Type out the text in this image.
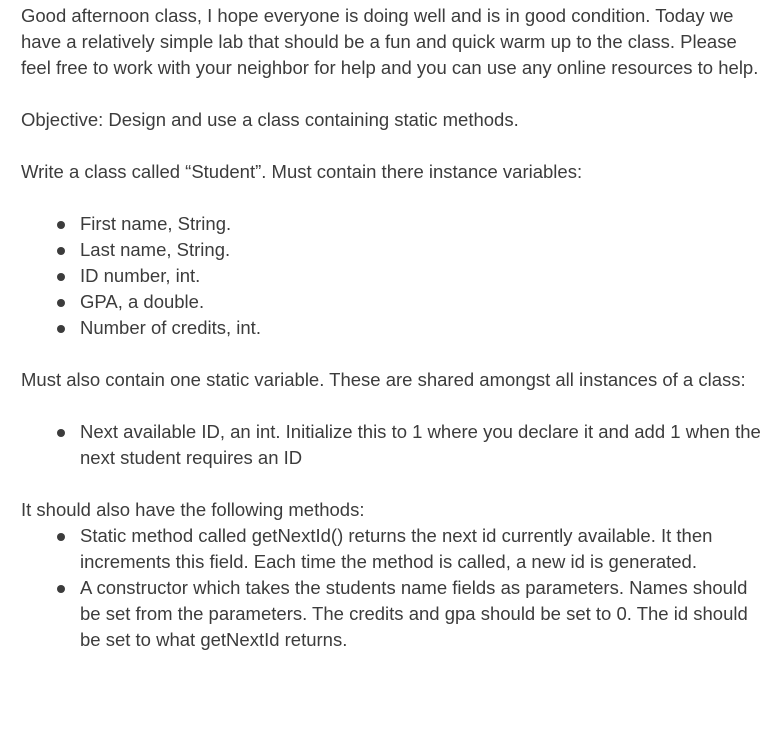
Good afternoon class, I hope everyone is doing well and is in good condition. Today we have a relatively simple lab that should be a fun and quick warm up to the class. Please feel free to work with your neighbor for help and you can use any online resources to help.

Objective: Design and use a class containing static methods.

Write a class called “Student”. Must contain there instance variables:

First name, String.
Last name, String.
ID number, int.
GPA, a double.
Number of credits, int.

Must also contain one static variable. These are shared amongst all instances of a class:

Next available ID, an int. Initialize this to 1 where you declare it and add 1 when the next student requires an ID

It should also have the following methods:

Static method called getNextId() returns the next id currently available. It then increments this field. Each time the method is called, a new id is generated.
A constructor which takes the students name fields as parameters. Names should be set from the parameters. The credits and gpa should be set to 0. The id should be set to what getNextId returns.
